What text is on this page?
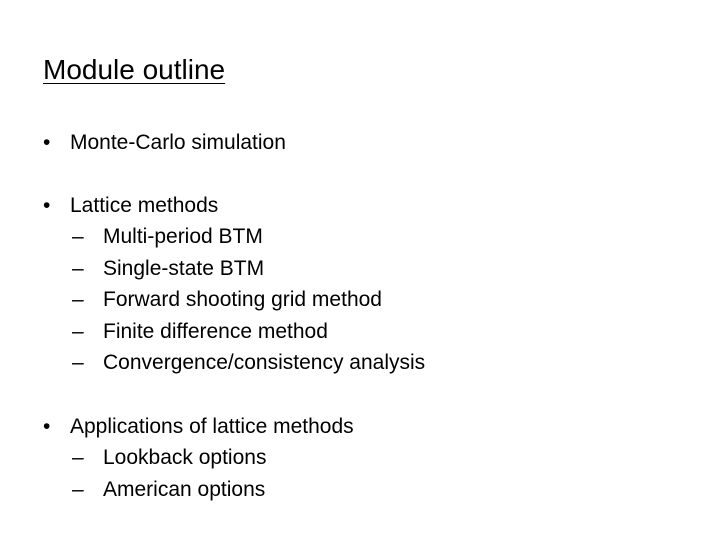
Module outline
• Monte-Carlo simulation
• Lattice methods
– Multi-period BTM
– Single-state BTM
– Forward shooting grid method
– Finite difference method
– Convergence/consistency analysis
• Applications of lattice methods
– Lookback options
– American options
